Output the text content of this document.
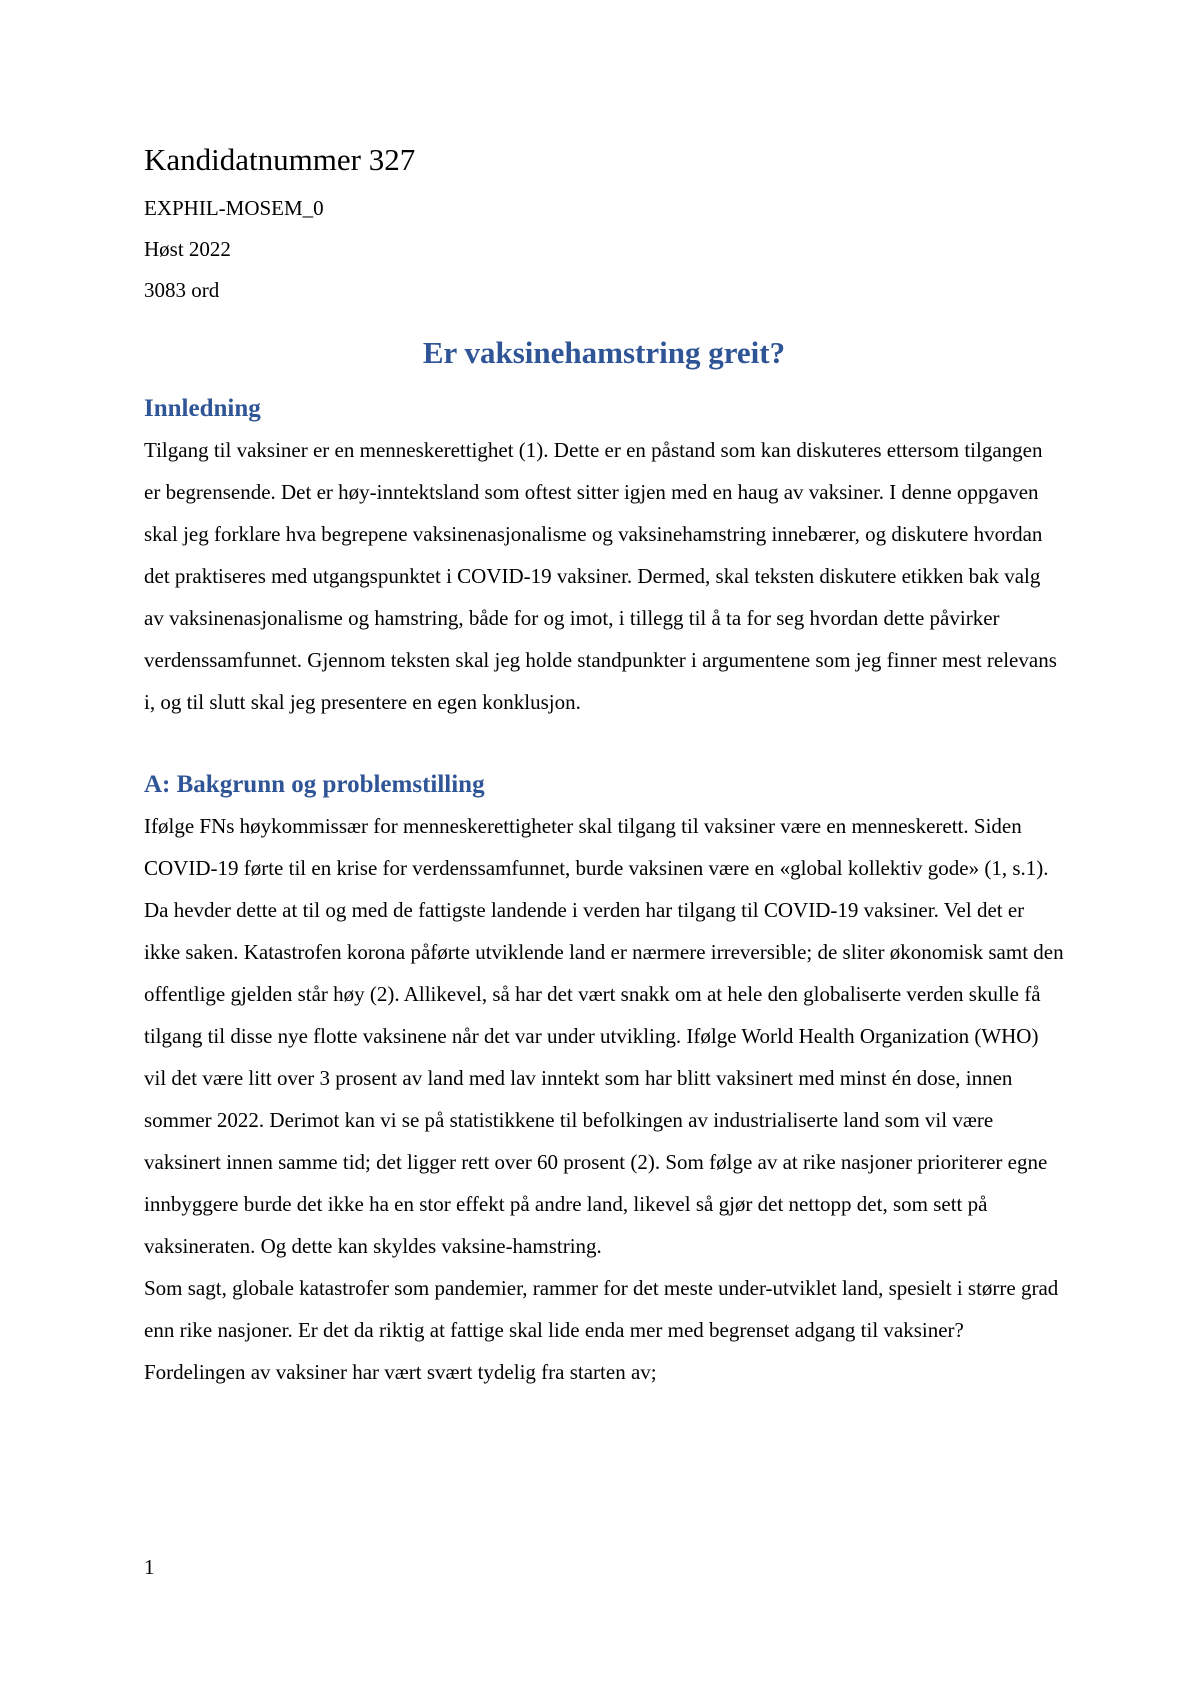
Kandidatnummer 327

EXPHIL-MOSEM_0

Høst 2022

3083 ord

Er vaksinehamstring greit?
Innledning

Tilgang til vaksiner er en menneskerettighet (1). Dette er en påstand som kan diskuteres ettersom tilgangen er begrensende. Det er høy-inntektsland som oftest sitter igjen med en haug av vaksiner. I denne oppgaven skal jeg forklare hva begrepene vaksinenasjonalisme og vaksinehamstring innebærer, og diskutere hvordan det praktiseres med utgangspunktet i COVID-19 vaksiner. Dermed, skal teksten diskutere etikken bak valg av vaksinenasjonalisme og hamstring, både for og imot, i tillegg til å ta for seg hvordan dette påvirker verdenssamfunnet. Gjennom teksten skal jeg holde standpunkter i argumentene som jeg finner mest relevans i, og til slutt skal jeg presentere en egen konklusjon.

A: Bakgrunn og problemstilling

Ifølge FNs høykommissær for menneskerettigheter skal tilgang til vaksiner være en menneskerett. Siden COVID-19 førte til en krise for verdenssamfunnet, burde vaksinen være en «global kollektiv gode» (1, s.1). Da hevder dette at til og med de fattigste landende i verden har tilgang til COVID-19 vaksiner. Vel det er ikke saken. Katastrofen korona påførte utviklende land er nærmere irreversible; de sliter økonomisk samt den offentlige gjelden står høy (2). Allikevel, så har det vært snakk om at hele den globaliserte verden skulle få tilgang til disse nye flotte vaksinene når det var under utvikling. Ifølge World Health Organization (WHO) vil det være litt over 3 prosent av land med lav inntekt som har blitt vaksinert med minst én dose, innen sommer 2022. Derimot kan vi se på statistikkene til befolkingen av industrialiserte land som vil være vaksinert innen samme tid; det ligger rett over 60 prosent (2). Som følge av at rike nasjoner prioriterer egne innbyggere burde det ikke ha en stor effekt på andre land, likevel så gjør det nettopp det, som sett på vaksineraten. Og dette kan skyldes vaksine-hamstring.

Som sagt, globale katastrofer som pandemier, rammer for det meste under-utviklet land, spesielt i større grad enn rike nasjoner. Er det da riktig at fattige skal lide enda mer med begrenset adgang til vaksiner? Fordelingen av vaksiner har vært svært tydelig fra starten av;

1
